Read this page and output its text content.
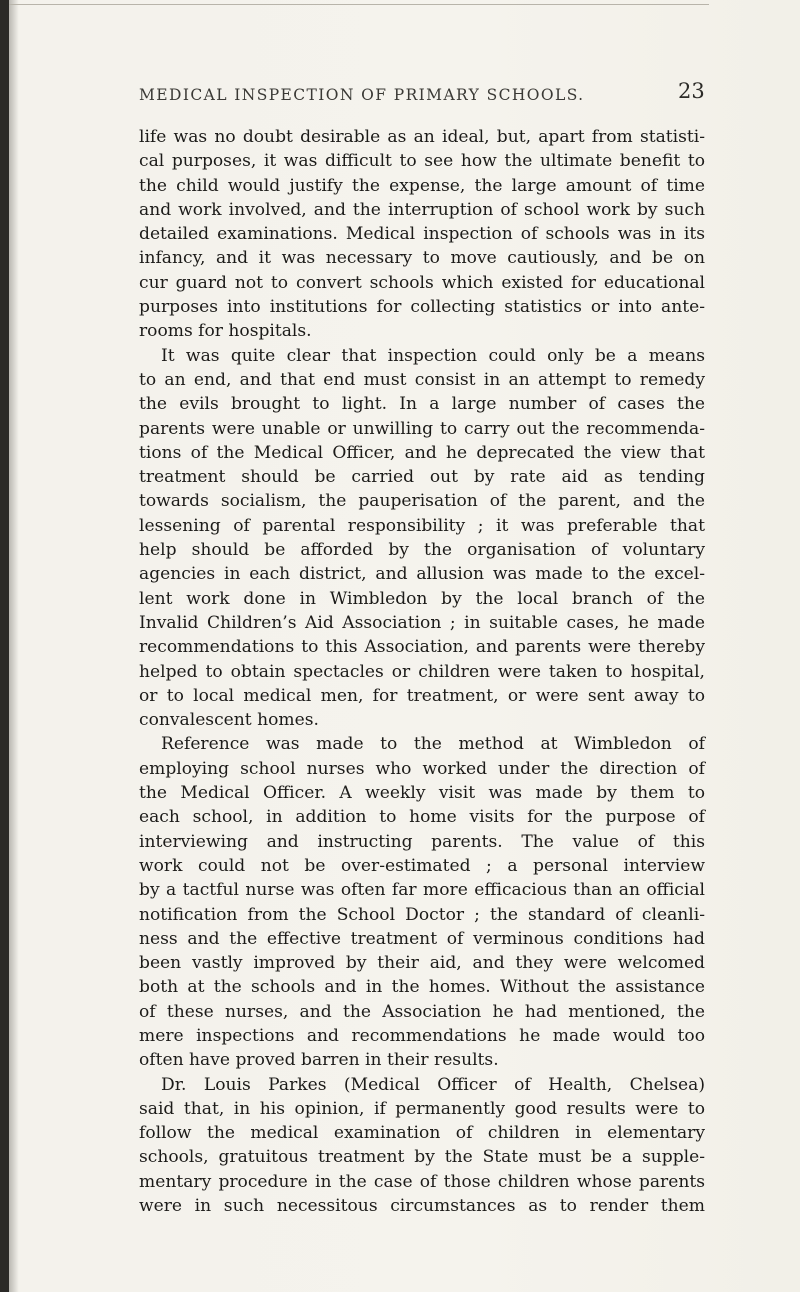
MEDICAL INSPECTION OF PRIMARY SCHOOLS.	23
life was no doubt desirable as an ideal, but, apart from statisti-
cal purposes, it was difficult to see how the ultimate benefit to
the child would justify the expense, the large amount of time
and work involved, and the interruption of school work by such
detailed examinations. Medical inspection of schools was in its
infancy, and it was necessary to move cautiously, and be on
cur guard not to convert schools which existed for educational
purposes into institutions for collecting statistics or into ante-
rooms for hospitals.
It was quite clear that inspection could only be a means
to an end, and that end must consist in an attempt to remedy
the evils brought to light. In a large number of cases the
parents were unable or unwilling to carry out the recommenda-
tions of the Medical Officer, and he deprecated the view that
treatment should be carried out by rate aid as tending
towards socialism, the pauperisation of the parent, and the
lessening of parental responsibility ; it was preferable that
help should be afforded by the organisation of voluntary
agencies in each district, and allusion was made to the excel-
lent work done in Wimbledon by the local branch of the
Invalid Children’s Aid Association ; in suitable cases, he made
recommendations to this Association, and parents were thereby
helped to obtain spectacles or children were taken to hospital,
or to local medical men, for treatment, or were sent away to
convalescent homes.
Reference was made to the method at Wimbledon of
employing school nurses who worked under the direction of
the Medical Officer. A weekly visit was made by them to
each school, in addition to home visits for the purpose of
interviewing and instructing parents. The value of this
work could not be over-estimated ; a personal interview
by a tactful nurse was often far more efficacious than an official
notification from the School Doctor ; the standard of cleanli-
ness and the effective treatment of verminous conditions had
been vastly improved by their aid, and they were welcomed
both at the schools and in the homes. Without the assistance
of these nurses, and the Association he had mentioned, the
mere inspections and recommendations he made would too
often have proved barren in their results.
Dr. Louis Parkes (Medical Officer of Health, Chelsea)
said that, in his opinion, if permanently good results were to
follow the medical examination of children in elementary
schools, gratuitous treatment by the State must be a supple-
mentary procedure in the case of those children whose parents
were in such necessitous circumstances as to render them
